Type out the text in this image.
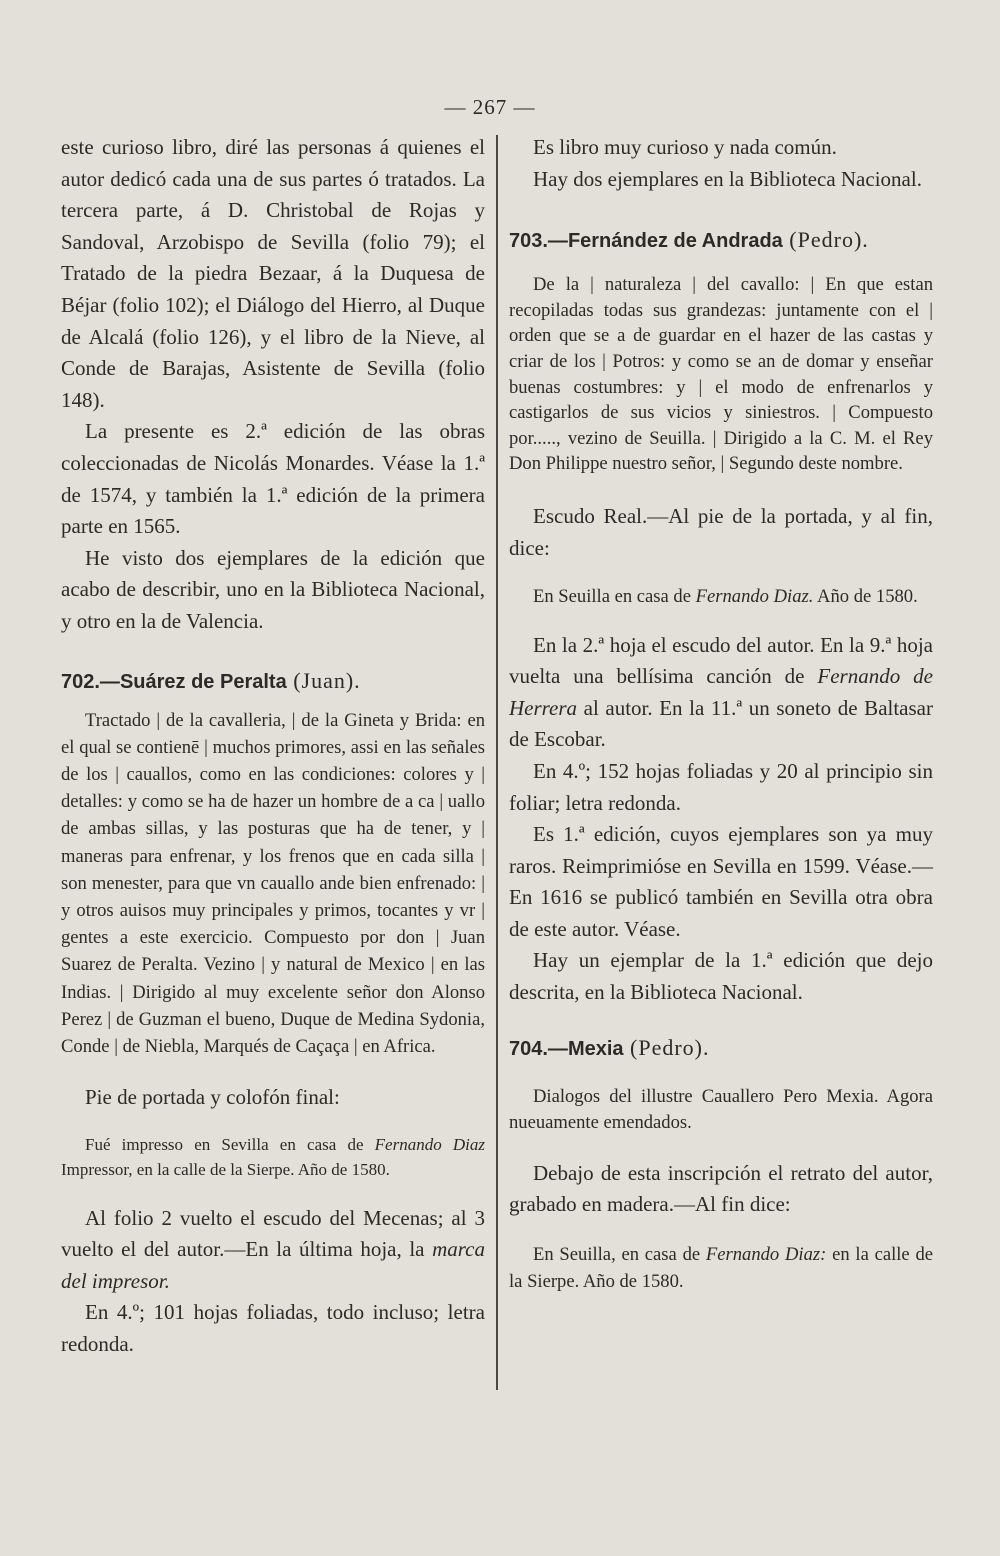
— 267 —

este curioso libro, diré las personas á quienes el autor dedicó cada una de sus partes ó tratados. La tercera parte, á D. Christobal de Rojas y Sandoval, Arzobispo de Sevilla (folio 79); el Tratado de la piedra Bezaar, á la Duquesa de Béjar (folio 102); el Diálogo del Hierro, al Duque de Alcalá (folio 126), y el libro de la Nieve, al Conde de Barajas, Asistente de Sevilla (folio 148).

La presente es 2.ª edición de las obras coleccionadas de Nicolás Monardes. Véase la 1.ª de 1574, y también la 1.ª edición de la primera parte en 1565.

He visto dos ejemplares de la edición que acabo de describir, uno en la Biblioteca Nacional, y otro en la de Valencia.

702.—Suárez de Peralta (Juan).

Tractado | de la cavalleria, | de la Gineta y Brida: en el qual se contienē | muchos primores, assi en las señales de los | cauallos, como en las condiciones: colores y | detalles: y como se ha de hazer un hombre de a ca | uallo de ambas sillas, y las posturas que ha de tener, y | maneras para enfrenar, y los frenos que en cada silla | son menester, para que vn cauallo ande bien enfrenado: | y otros auisos muy principales y primos, tocantes y vr | gentes a este exercicio. Compuesto por don | Juan Suarez de Peralta. Vezino | y natural de Mexico | en las Indias. | Dirigido al muy excelente señor don Alonso Perez | de Guzman el bueno, Duque de Medina Sydonia, Conde | de Niebla, Marqués de Caçaça | en Africa.

Pie de portada y colofón final:

Fué impresso en Sevilla en casa de Fernando Diaz Impressor, en la calle de la Sierpe. Año de 1580.

Al folio 2 vuelto el escudo del Mecenas; al 3 vuelto el del autor.—En la última hoja, la marca del impresor.

En 4.º; 101 hojas foliadas, todo incluso; letra redonda.

Es libro muy curioso y nada común.

Hay dos ejemplares en la Biblioteca Nacional.

703.—Fernández de Andrada (Pedro).

De la | naturaleza | del cavallo: | En que estan recopiladas todas sus grandezas: juntamente con el | orden que se a de guardar en el hazer de las castas y criar de los | Potros: y como se an de domar y enseñar buenas costumbres: y | el modo de enfrenarlos y castigarlos de sus vicios y siniestros. | Compuesto por....., vezino de Seuilla. | Dirigido a la C. M. el Rey Don Philippe nuestro señor, | Segundo deste nombre.

Escudo Real.—Al pie de la portada, y al fin, dice:

En Seuilla en casa de Fernando Diaz. Año de 1580.

En la 2.ª hoja el escudo del autor. En la 9.ª hoja vuelta una bellísima canción de Fernando de Herrera al autor. En la 11.ª un soneto de Baltasar de Escobar.

En 4.º; 152 hojas foliadas y 20 al principio sin foliar; letra redonda.

Es 1.ª edición, cuyos ejemplares son ya muy raros. Reimprimióse en Sevilla en 1599. Véase.—En 1616 se publicó también en Sevilla otra obra de este autor. Véase.

Hay un ejemplar de la 1.ª edición que dejo descrita, en la Biblioteca Nacional.

704.—Mexia (Pedro).

Dialogos del illustre Cauallero Pero Mexia. Agora nueuamente emendados.

Debajo de esta inscripción el retrato del autor, grabado en madera.—Al fin dice:

En Seuilla, en casa de Fernando Diaz: en la calle de la Sierpe. Año de 1580.
